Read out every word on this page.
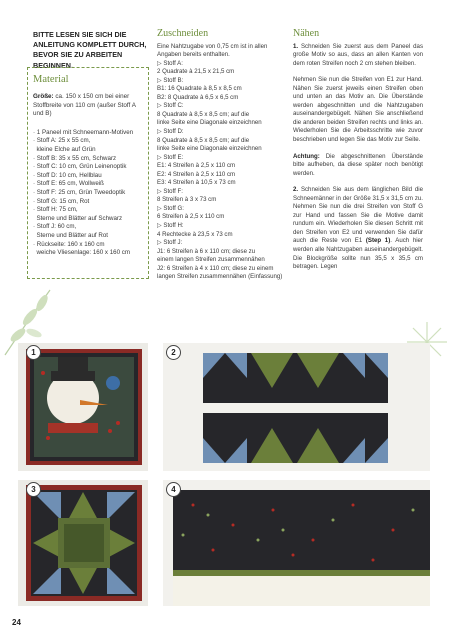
BITTE LESEN SIE SICH DIE ANLEITUNG KOMPLETT DURCH, BEVOR SIE ZU ARBEITEN BEGINNEN.
Material

Größe: ca. 150 x 150 cm bei einer Stoffbreite von 110 cm (außer Stoff A und B)

· 1 Paneel mit Schneemann-Motiven
· Stoff A: 25 x 55 cm,
kleine Elche auf Grün
· Stoff B: 35 x 55 cm, Schwarz
· Stoff C: 10 cm, Grün Leinenoptik
· Stoff D: 10 cm, Hellblau
· Stoff E: 65 cm, Wollweiß
· Stoff F: 25 cm, Grün Tweedoptik
· Stoff G: 15 cm, Rot
· Stoff H: 75 cm,
Sterne und Blätter auf Schwarz
· Stoff J: 60 cm,
Sterne und Blätter auf Rot
· Rückseite: 160 x 160 cm
weiche Vliesenlage: 160 x 160 cm
Zuschneiden
Eine Nahtzugabe von 0,75 cm ist in allen
Angaben bereits enthalten.
▷ Stoff A:
2 Quadrate à 21,5 x 21,5 cm
▷ Stoff B:
B1: 16 Quadrate à 8,5 x 8,5 cm
B2: 8 Quadrate à 6,5 x 6,5 cm
▷ Stoff C:
8 Quadrate à 8,5 x 8,5 cm; auf die
linke Seite eine Diagonale einzeichnen
▷ Stoff D:
8 Quadrate à 8,5 x 8,5 cm; auf die
linke Seite eine Diagonale einzeichnen
▷ Stoff E:
E1: 4 Streifen à 2,5 x 110 cm
E2: 4 Streifen à 2,5 x 110 cm
E3: 4 Streifen à 10,5 x 73 cm
▷ Stoff F:
8 Streifen à 3 x 73 cm
▷ Stoff G:
6 Streifen à 2,5 x 110 cm
▷ Stoff H:
4 Rechtecke à 23,5 x 73 cm
▷ Stoff J:
J1: 6 Streifen à 6 x 110 cm; diese zu
einem langen Streifen zusammennähen
J2: 6 Streifen à 4 x 110 cm; diese zu einem
langen Streifen zusammennähen (Einfassung)
Nähen

1. Schneiden Sie zuerst aus dem Paneel das große Motiv so aus, dass an allen Kanten von dem roten Streifen noch 2 cm stehen bleiben.

Nehmen Sie nun die Streifen von E1 zur Hand. Nähen Sie zuerst jeweils einen Streifen oben und unten an das Motiv an. Die Überstände werden abgeschnitten und die Nahtzugaben auseinandergebügelt. Nähen Sie anschließend die anderen beiden Streifen rechts und links an. Wiederholen Sie die Arbeitsschritte wie zuvor beschrieben und legen Sie das Motiv zur Seite.

Achtung: Die abgeschnittenen Überstände bitte aufheben, da diese später noch benötigt werden.

2. Schneiden Sie aus dem länglichen Bild die Schneemänner in der Größe 31,5 x 31,5 cm zu. Nehmen Sie nun die drei Streifen von Stoff G zur Hand und fassen Sie die Motive damit rundum ein. Wiederholen Sie diesen Schritt mit den Streifen von E2 und verwenden Sie dafür auch die Reste von E1 (Step 1). Auch hier werden alle Nahtzugaben auseinandergebügelt. Die Blockgröße sollte nun 35,5 x 35,5 cm betragen. Legen

1	2
3	4
24
